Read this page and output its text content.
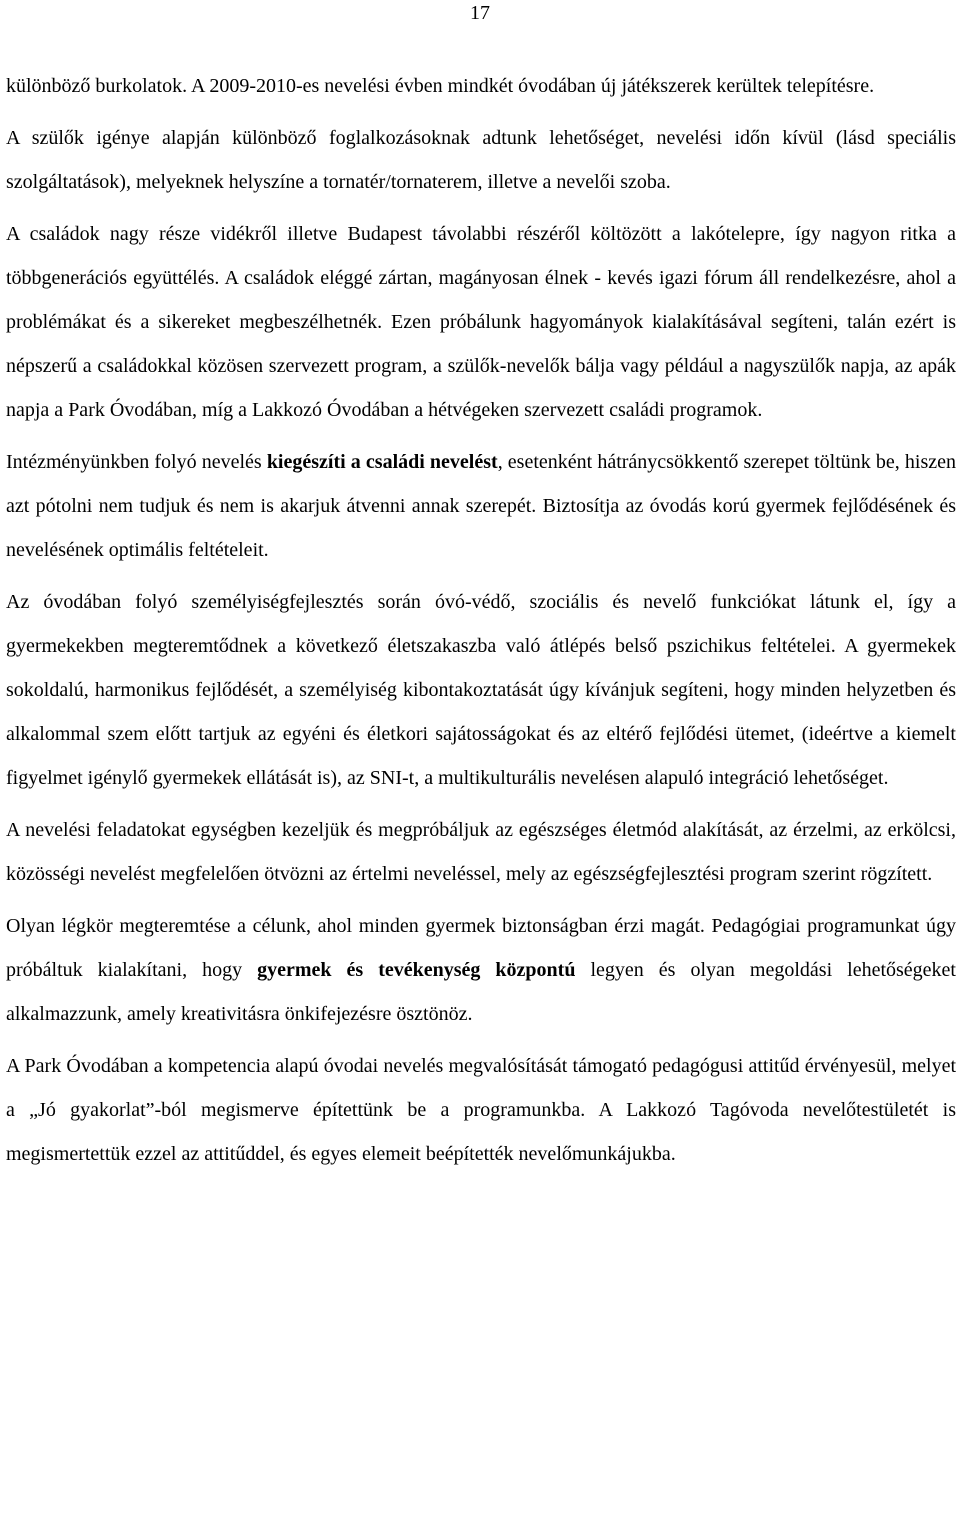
17

különböző burkolatok. A 2009-2010-es nevelési évben mindkét óvodában új játékszerek kerültek telepítésre.

A szülők igénye alapján különböző foglalkozásoknak adtunk lehetőséget, nevelési időn kívül (lásd speciális szolgáltatások), melyeknek helyszíne a tornatér/tornaterem, illetve a nevelői szoba.

A családok nagy része vidékről illetve Budapest távolabbi részéről költözött a lakótelepre, így nagyon ritka a többgenerációs együttélés. A családok eléggé zártan, magányosan élnek - kevés igazi fórum áll rendelkezésre, ahol a problémákat és a sikereket megbeszélhetnék. Ezen próbálunk hagyományok kialakításával segíteni, talán ezért is népszerű a családokkal közösen szervezett program, a szülők-nevelők bálja vagy például a nagyszülők napja, az apák napja a Park Óvodában, míg a Lakkozó Óvodában a hétvégeken szervezett családi programok.

Intézményünkben folyó nevelés kiegészíti a családi nevelést, esetenként hátránycsökkentő szerepet töltünk be, hiszen azt pótolni nem tudjuk és nem is akarjuk átvenni annak szerepét. Biztosítja az óvodás korú gyermek fejlődésének és nevelésének optimális feltételeit.

Az óvodában folyó személyiségfejlesztés során óvó-védő, szociális és nevelő funkciókat látunk el, így a gyermekekben megteremtődnek a következő életszakaszba való átlépés belső pszichikus feltételei. A gyermekek sokoldalú, harmonikus fejlődését, a személyiség kibontakoztatását úgy kívánjuk segíteni, hogy minden helyzetben és alkalommal szem előtt tartjuk az egyéni és életkori sajátosságokat és az eltérő fejlődési ütemet, (ideértve a kiemelt figyelmet igénylő gyermekek ellátását is), az SNI-t, a multikulturális nevelésen alapuló integráció lehetőséget.

A nevelési feladatokat egységben kezeljük és megpróbáljuk az egészséges életmód alakítását, az érzelmi, az erkölcsi, közösségi nevelést megfelelően ötvözni az értelmi neveléssel, mely az egészségfejlesztési program szerint rögzített.

Olyan légkör megteremtése a célunk, ahol minden gyermek biztonságban érzi magát. Pedagógiai programunkat úgy próbáltuk kialakítani, hogy gyermek és tevékenység központú legyen és olyan megoldási lehetőségeket alkalmazzunk, amely kreativitásra önkifejezésre ösztönöz.

A Park Óvodában a kompetencia alapú óvodai nevelés megvalósítását támogató pedagógusi attitűd érvényesül, melyet a „Jó gyakorlat”-ból megismerve építettünk be a programunkba. A Lakkozó Tagóvoda nevelőtestületét is megismertettük ezzel az attitűddel, és egyes elemeit beépítették nevelőmunkájukba.
